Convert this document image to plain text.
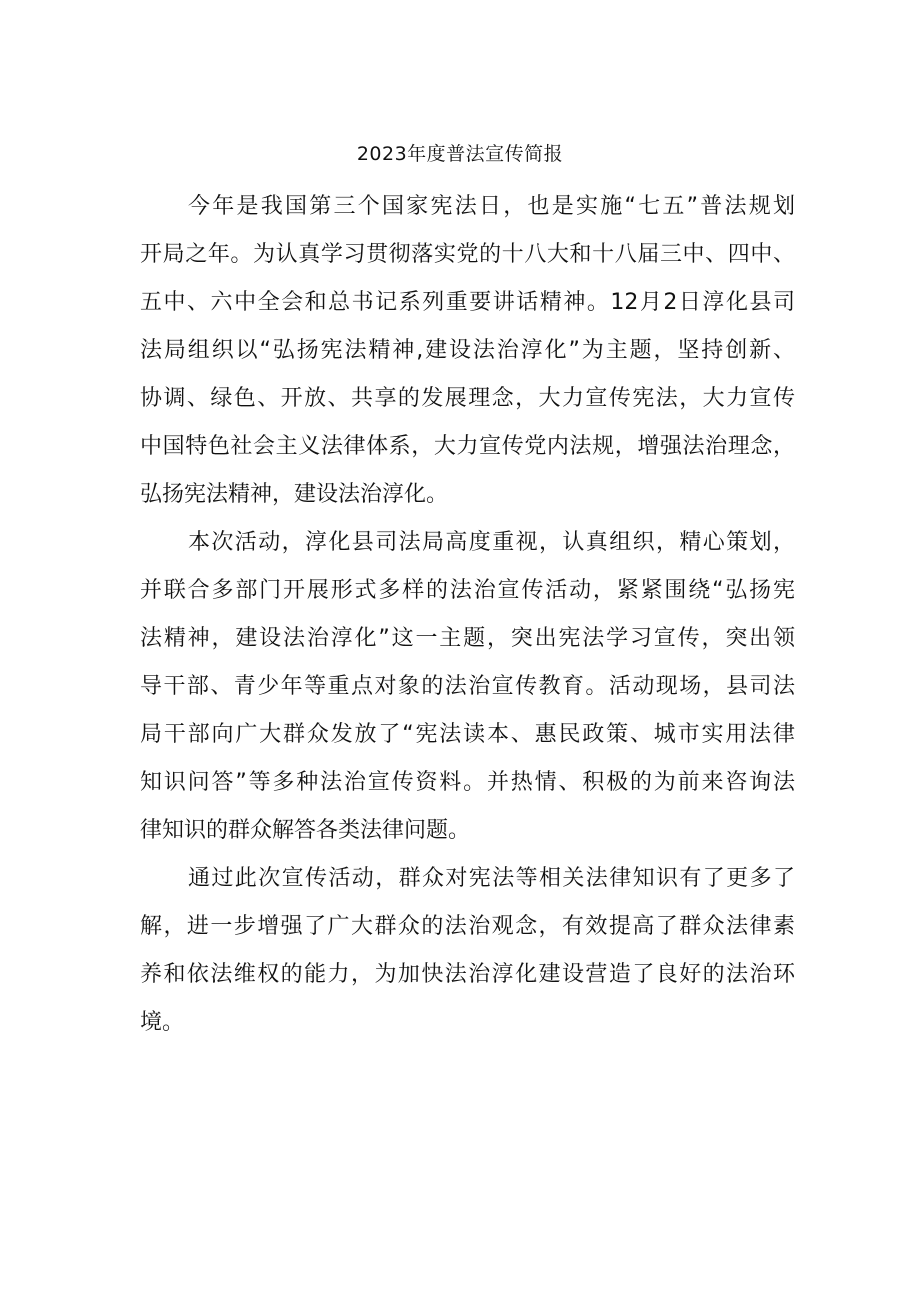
2023年度普法宣传简报
今年是我国第三个国家宪法日，也是实施“七五”普法规划
开局之年。为认真学习贯彻落实党的十八大和十八届三中、四中、
五中、六中全会和总书记系列重要讲话精神。12月2日淳化县司
法局组织以“弘扬宪法精神,建设法治淳化”为主题，坚持创新、
协调、绿色、开放、共享的发展理念，大力宣传宪法，大力宣传
中国特色社会主义法律体系，大力宣传党内法规，增强法治理念，
弘扬宪法精神，建设法治淳化。
本次活动，淳化县司法局高度重视，认真组织，精心策划，
并联合多部门开展形式多样的法治宣传活动，紧紧围绕“弘扬宪
法精神，建设法治淳化”这一主题，突出宪法学习宣传，突出领
导干部、青少年等重点对象的法治宣传教育。活动现场，县司法
局干部向广大群众发放了“宪法读本、惠民政策、城市实用法律
知识问答”等多种法治宣传资料。并热情、积极的为前来咨询法
律知识的群众解答各类法律问题。
通过此次宣传活动，群众对宪法等相关法律知识有了更多了
解，进一步增强了广大群众的法治观念，有效提高了群众法律素
养和依法维权的能力，为加快法治淳化建设营造了良好的法治环
境。
